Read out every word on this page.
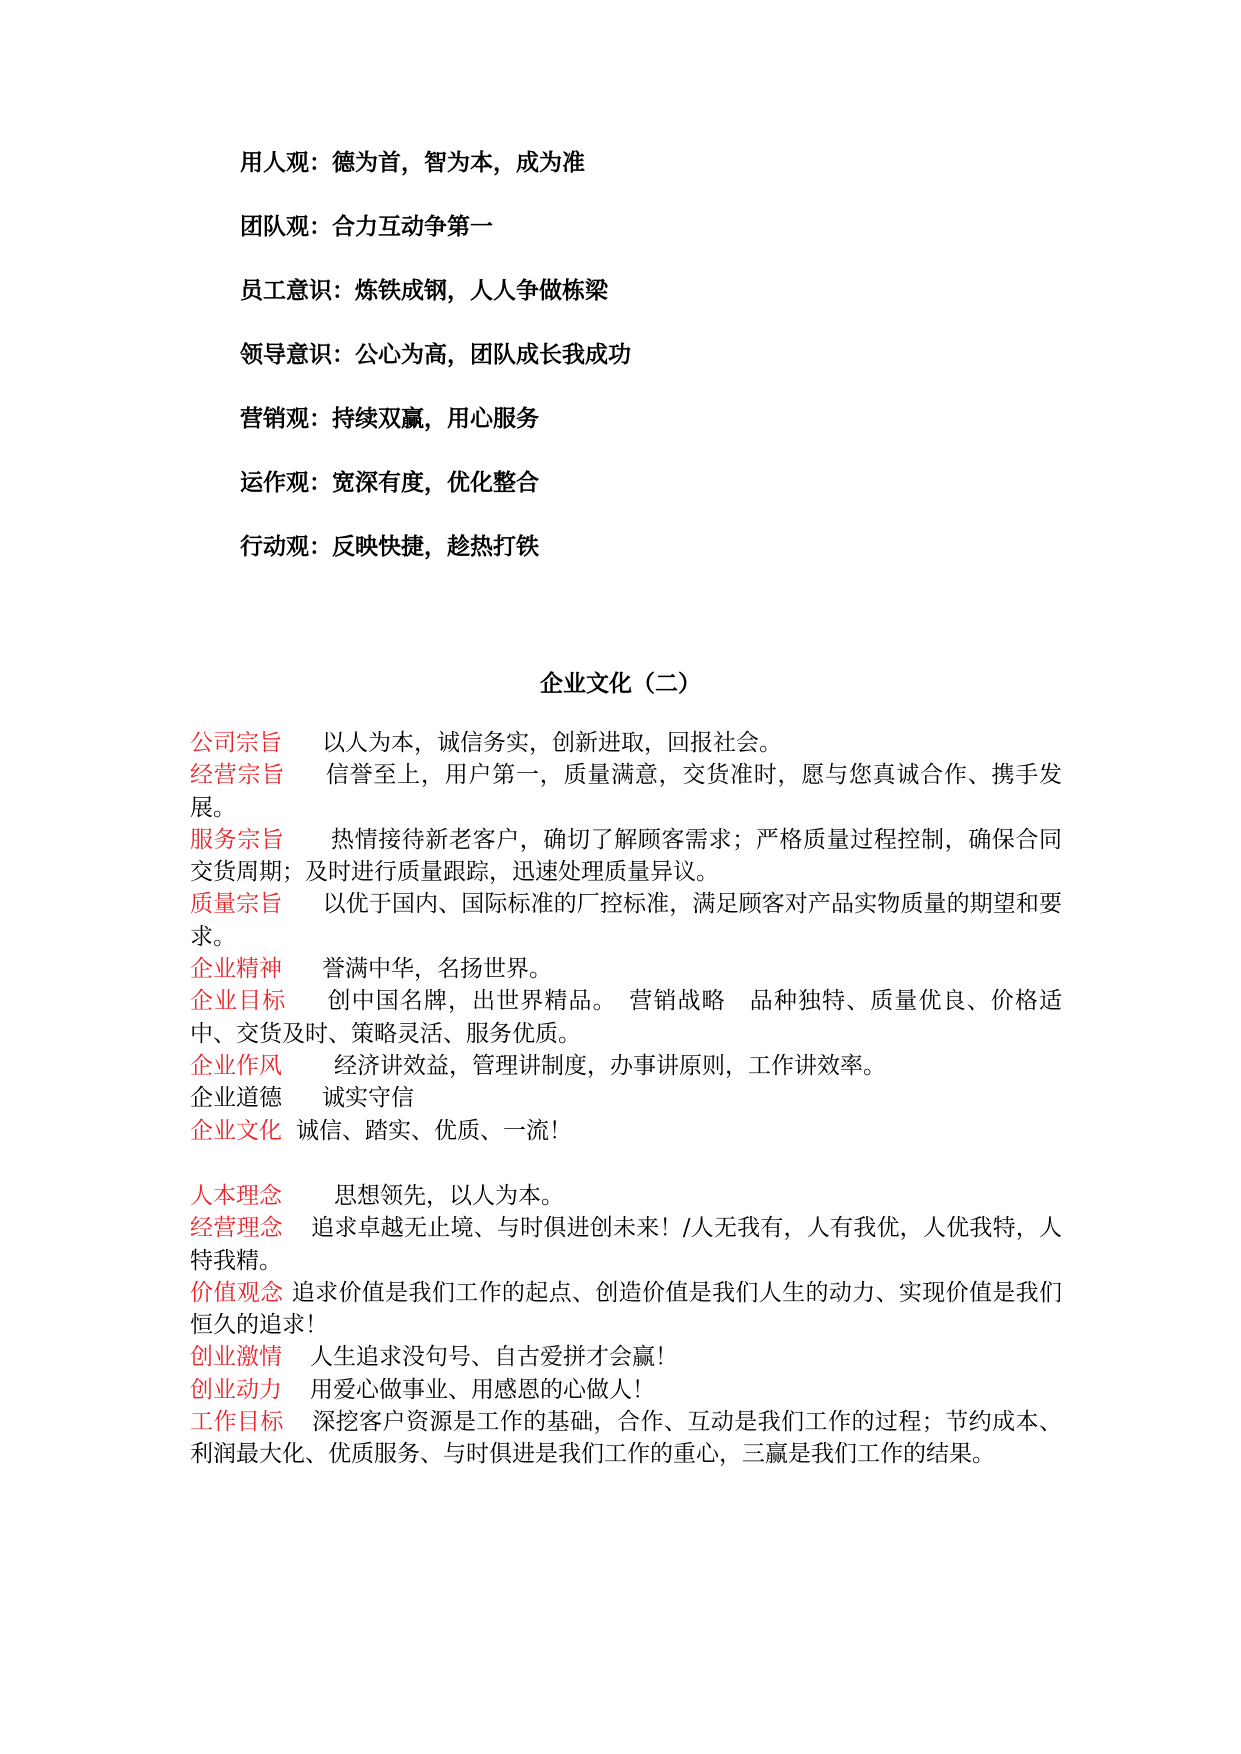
用人观：德为首，智为本，成为准
团队观：合力互动争第一
员工意识：炼铁成钢，人人争做栋梁
领导意识：公心为高，团队成长我成功
营销观：持续双赢，用心服务
运作观：宽深有度，优化整合
行动观：反映快捷，趁热打铁
企业文化（二）

公司宗旨 以人为本，诚信务实，创新进取，回报社会。

经营宗旨 信誉至上，用户第一，质量满意，交货准时，愿与您真诚合作、携手发展。

服务宗旨 热情接待新老客户，确切了解顾客需求；严格质量过程控制，确保合同交货周期；及时进行质量跟踪，迅速处理质量异议。

质量宗旨 以优于国内、国际标准的厂控标准，满足顾客对产品实物质量的期望和要求。

企业精神 誉满中华，名扬世界。

企业目标 创中国名牌，出世界精品。　营销战略　品种独特、质量优良、价格适中、交货及时、策略灵活、服务优质。

企业作风 经济讲效益，管理讲制度，办事讲原则，工作讲效率。

企业道德 诚实守信

企业文化 诚信、踏实、优质、一流！

人本理念 思想领先，以人为本。

经营理念 追求卓越无止境、与时俱进创未来！/人无我有，人有我优，人优我特，人特我精。

价值观念 追求价值是我们工作的起点、创造价值是我们人生的动力、实现价值是我们恒久的追求！

创业激情 人生追求没句号、自古爱拼才会赢！

创业动力 用爱心做事业、用感恩的心做人！

工作目标 深挖客户资源是工作的基础，合作、互动是我们工作的过程；节约成本、利润最大化、优质服务、与时俱进是我们工作的重心，三赢是我们工作的结果。
